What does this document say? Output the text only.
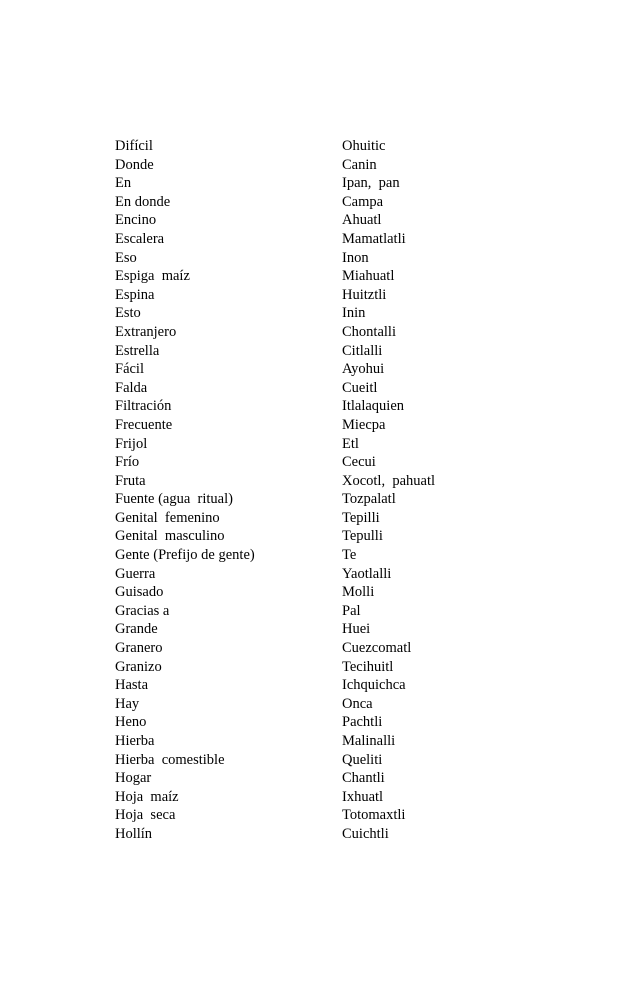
Difícil	Ohuitic
Donde	Canin
En	Ipan,  pan
En donde	Campa
Encino	Ahuatl
Escalera	Mamatlatli
Eso	Inon
Espiga  maíz	Miahuatl
Espina	Huitztli
Esto	Inin
Extranjero	Chontalli
Estrella	Citlalli
Fácil	Ayohui
Falda	Cueitl
Filtración	Itlalaquien
Frecuente	Miecpa
Frijol	Etl
Frío	Cecui
Fruta	Xocotl,  pahuatl
Fuente (agua  ritual)	Tozpalatl
Genital  femenino	Tepilli
Genital  masculino	Tepulli
Gente (Prefijo de gente)	Te
Guerra	Yaotlalli
Guisado	Molli
Gracias a	Pal
Grande	Huei
Granero	Cuezcomatl
Granizo	Tecihuitl
Hasta	Ichquichca
Hay	Onca
Heno	Pachtli
Hierba	Malinalli
Hierba  comestible	Queliti
Hogar	Chantli
Hoja  maíz	Ixhuatl
Hoja  seca	Totomaxtli
Hollín	Cuichtli
